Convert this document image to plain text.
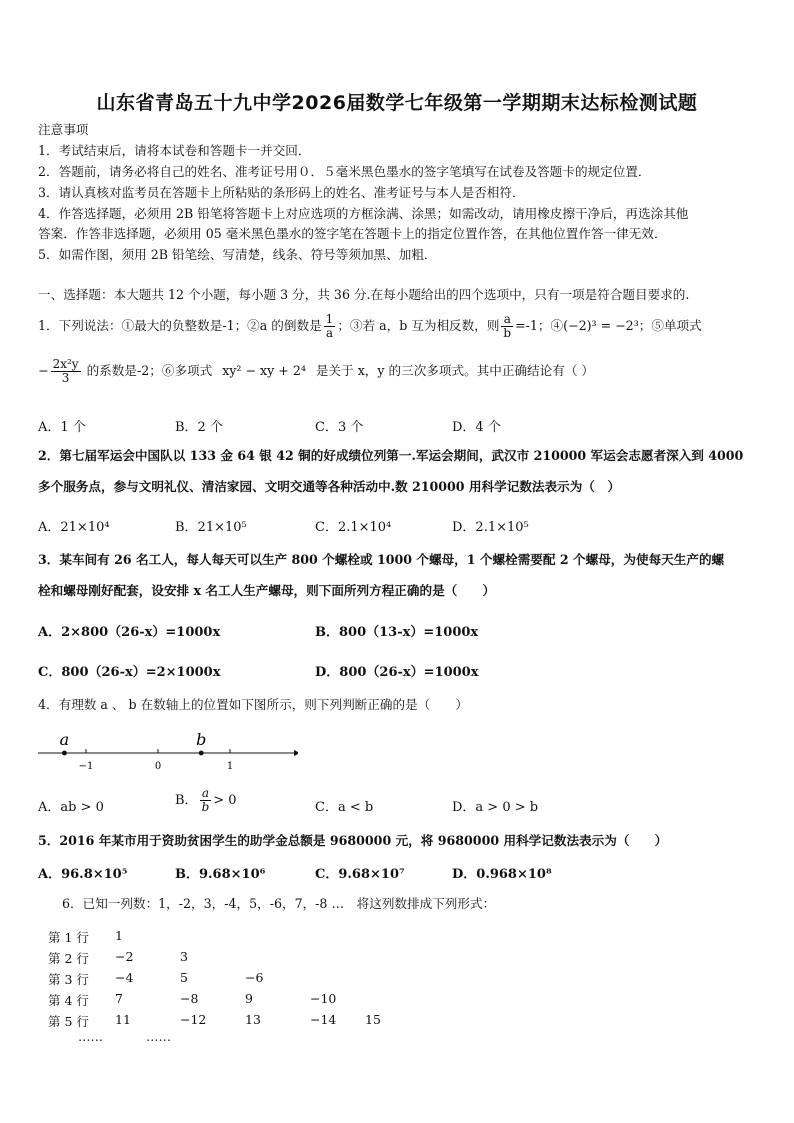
山东省青岛五十九中学2026届数学七年级第一学期期末达标检测试题
注意事项
1．考试结束后，请将本试卷和答题卡一并交回．
2．答题前，请务必将自己的姓名、准考证号用０．５毫米黑色墨水的签字笔填写在试卷及答题卡的规定位置．
3．请认真核对监考员在答题卡上所粘贴的条形码上的姓名、准考证号与本人是否相符．
4．作答选择题，必须用 2B 铅笔将答题卡上对应选项的方框涂满、涂黑；如需改动，请用橡皮擦干净后，再选涂其他
答案．作答非选择题，必须用 05 毫米黑色墨水的签字笔在答题卡上的指定位置作答，在其他位置作答一律无效．
5．如需作图，须用 2B 铅笔绘、写清楚，线条、符号等须加黑、加粗．
一、选择题：本大题共 12 个小题，每小题 3 分，共 36 分.在每小题给出的四个选项中，只有一项是符合题目要求的.
1．下列说法：①最大的负整数是-1；②a 的倒数是 $\frac{1}{a}$ ；③若 a，b 互为相反数，则 $\frac{a}{b} =-1$；④(−2)³ = −2³；⑤单项式
− $\frac{\text{2x²y}}{3}$ 的系数是-2；⑥多项式 xy² − xy + 2⁴ 是关于 x，y 的三次多项式。其中正确结论有（ ）
A．1 个	B．2 个	C．3 个	D．4 个
2．第七届军运会中国队以 133 金 64 银 42 铜的好成绩位列第一.军运会期间，武汉市 210000 军运会志愿者深入到 4000
多个服务点，参与文明礼仪、清洁家园、文明交通等各种活动中.数 210000 用科学记数法表示为（　）
A．21×10⁴	B．21×10⁵	C．2.1×10⁴	D．2.1×10⁵
3．某车间有 26 名工人，每人每天可以生产 800 个螺栓或 1000 个螺母，1 个螺栓需要配 2 个螺母，为使每天生产的螺
栓和螺母刚好配套，设安排 x 名工人生产螺母，则下面所列方程正确的是（　　）
A．2×800（26-x）=1000x	B．800（13-x）=1000x
C．800（26-x）=2×1000x	D．800（26-x）=1000x
4．有理数 a 、 b 在数轴上的位置如下图所示，则下列判断正确的是（　　）
−1	0	1
a	b
A．ab > 0	B． $\frac{a}{b} > 0$	C．a < b	D．a > 0 > b
5．2016 年某市用于资助贫困学生的助学金总额是 9680000 元，将 9680000 用科学记数法表示为（　　）
A．96.8×10⁵	B．9.68×10⁶	C．9.68×10⁷	D．0.968×10⁸
6．已知一列数：1，-2，3，-4，5，-6，7，-8 …　将这列数排成下列形式：
第 1 行 1
第 2 行 −2	3
第 3 行 −4	5	−6
第 4 行 7	−8	9	−10
第 5 行 11	−12	13	−14 15
……	……
